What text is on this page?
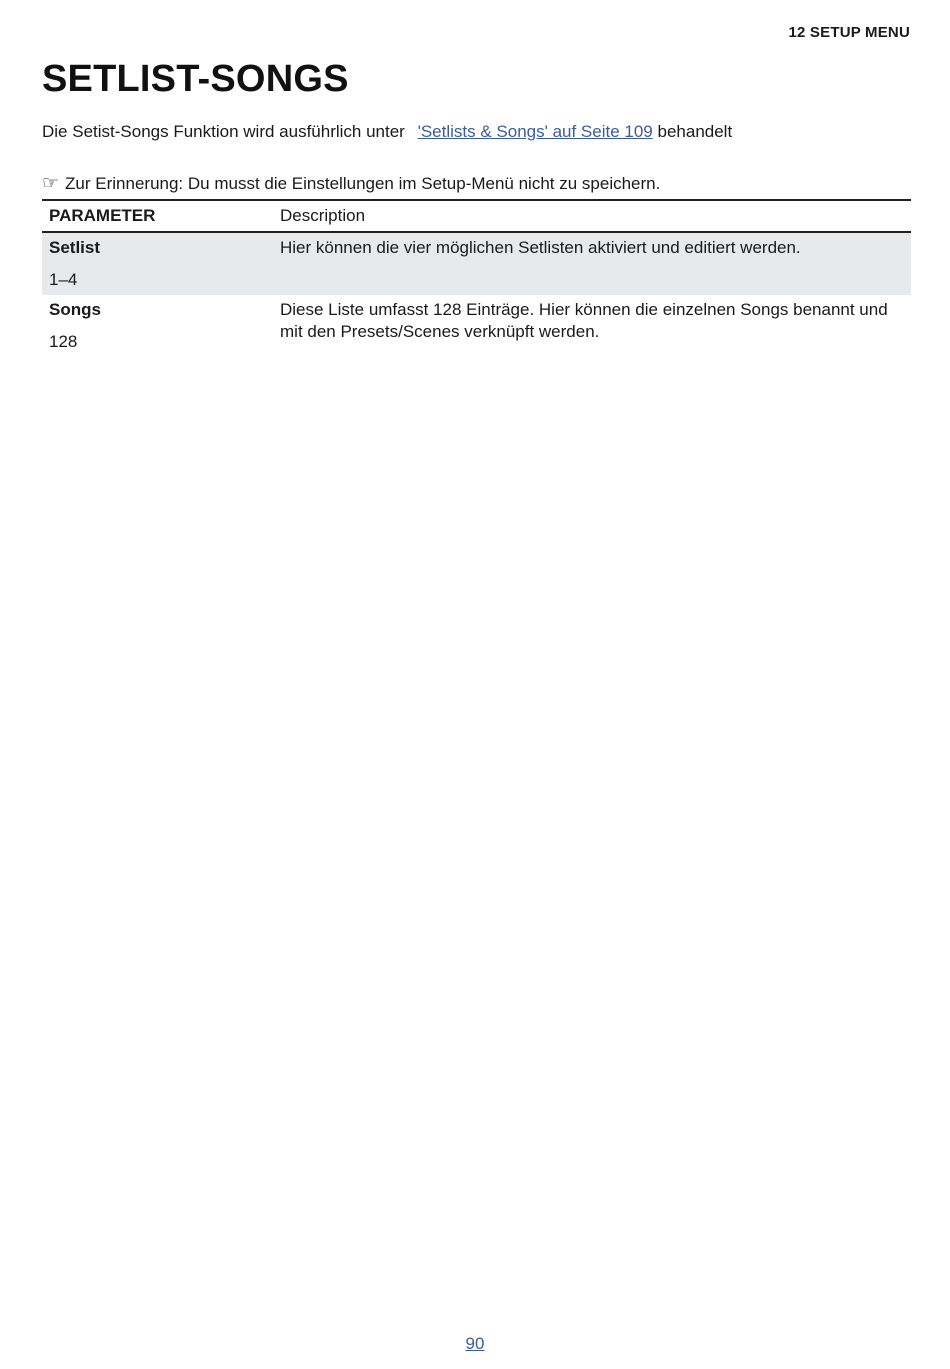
12 SETUP MENU
SETLIST-SONGS
Die Setist-Songs Funktion wird ausführlich unter 'Setlists & Songs' auf Seite 109 behandelt
☞ Zur Erinnerung: Du musst die Einstellungen im Setup-Menü nicht zu speichern.
PARAMETER	Description

Setlist
1–4	Hier können die vier möglichen Setlisten aktiviert und editiert werden.

Songs
128	Diese Liste umfasst 128 Einträge. Hier können die einzelnen Songs benannt und mit den Presets/Scenes verknüpft werden.
90
